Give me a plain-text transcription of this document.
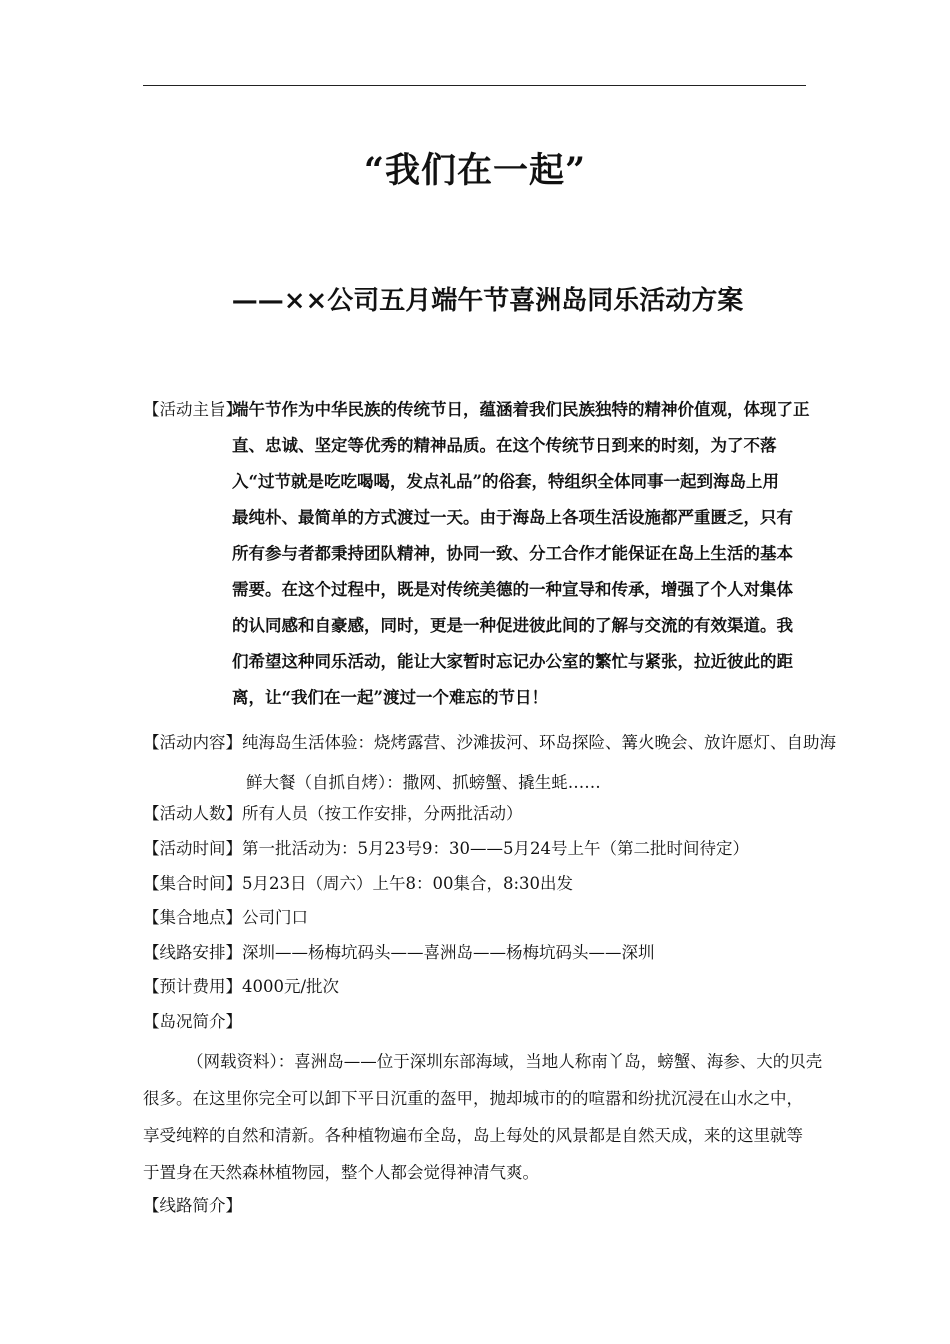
“我们在一起”
——××公司五月端午节喜洲岛同乐活动方案
【活动主旨】
端午节作为中华民族的传统节日，蕴涵着我们民族独特的精神价值观，体现了正
直、忠诚、坚定等优秀的精神品质。在这个传统节日到来的时刻，为了不落
入“过节就是吃吃喝喝，发点礼品”的俗套，特组织全体同事一起到海岛上用
最纯朴、最简单的方式渡过一天。由于海岛上各项生活设施都严重匮乏，只有
所有参与者都秉持团队精神，协同一致、分工合作才能保证在岛上生活的基本
需要。在这个过程中，既是对传统美德的一种宣导和传承，增强了个人对集体
的认同感和自豪感，同时，更是一种促进彼此间的了解与交流的有效渠道。我
们希望这种同乐活动，能让大家暂时忘记办公室的繁忙与紧张，拉近彼此的距
离，让“我们在一起”渡过一个难忘的节日！
【活动内容】纯海岛生活体验：烧烤露营、沙滩拔河、环岛探险、篝火晚会、放许愿灯、自助海
鲜大餐（自抓自烤）：撒网、抓螃蟹、撬生蚝……
【活动人数】所有人员（按工作安排，分两批活动）
【活动时间】第一批活动为：5月23号9：30——5月24号上午（第二批时间待定）
【集合时间】5月23日（周六）上午8：00集合，8:30出发
【集合地点】公司门口
【线路安排】深圳——杨梅坑码头——喜洲岛——杨梅坑码头——深圳
【预计费用】4000元/批次
【岛况简介】
（网载资料）：喜洲岛——位于深圳东部海域，当地人称南丫岛，螃蟹、海参、大的贝壳
很多。在这里你完全可以卸下平日沉重的盔甲，抛却城市的的喧嚣和纷扰沉浸在山水之中，
享受纯粹的自然和清新。各种植物遍布全岛，岛上每处的风景都是自然天成，来的这里就等
于置身在天然森林植物园，整个人都会觉得神清气爽。
【线路简介】
